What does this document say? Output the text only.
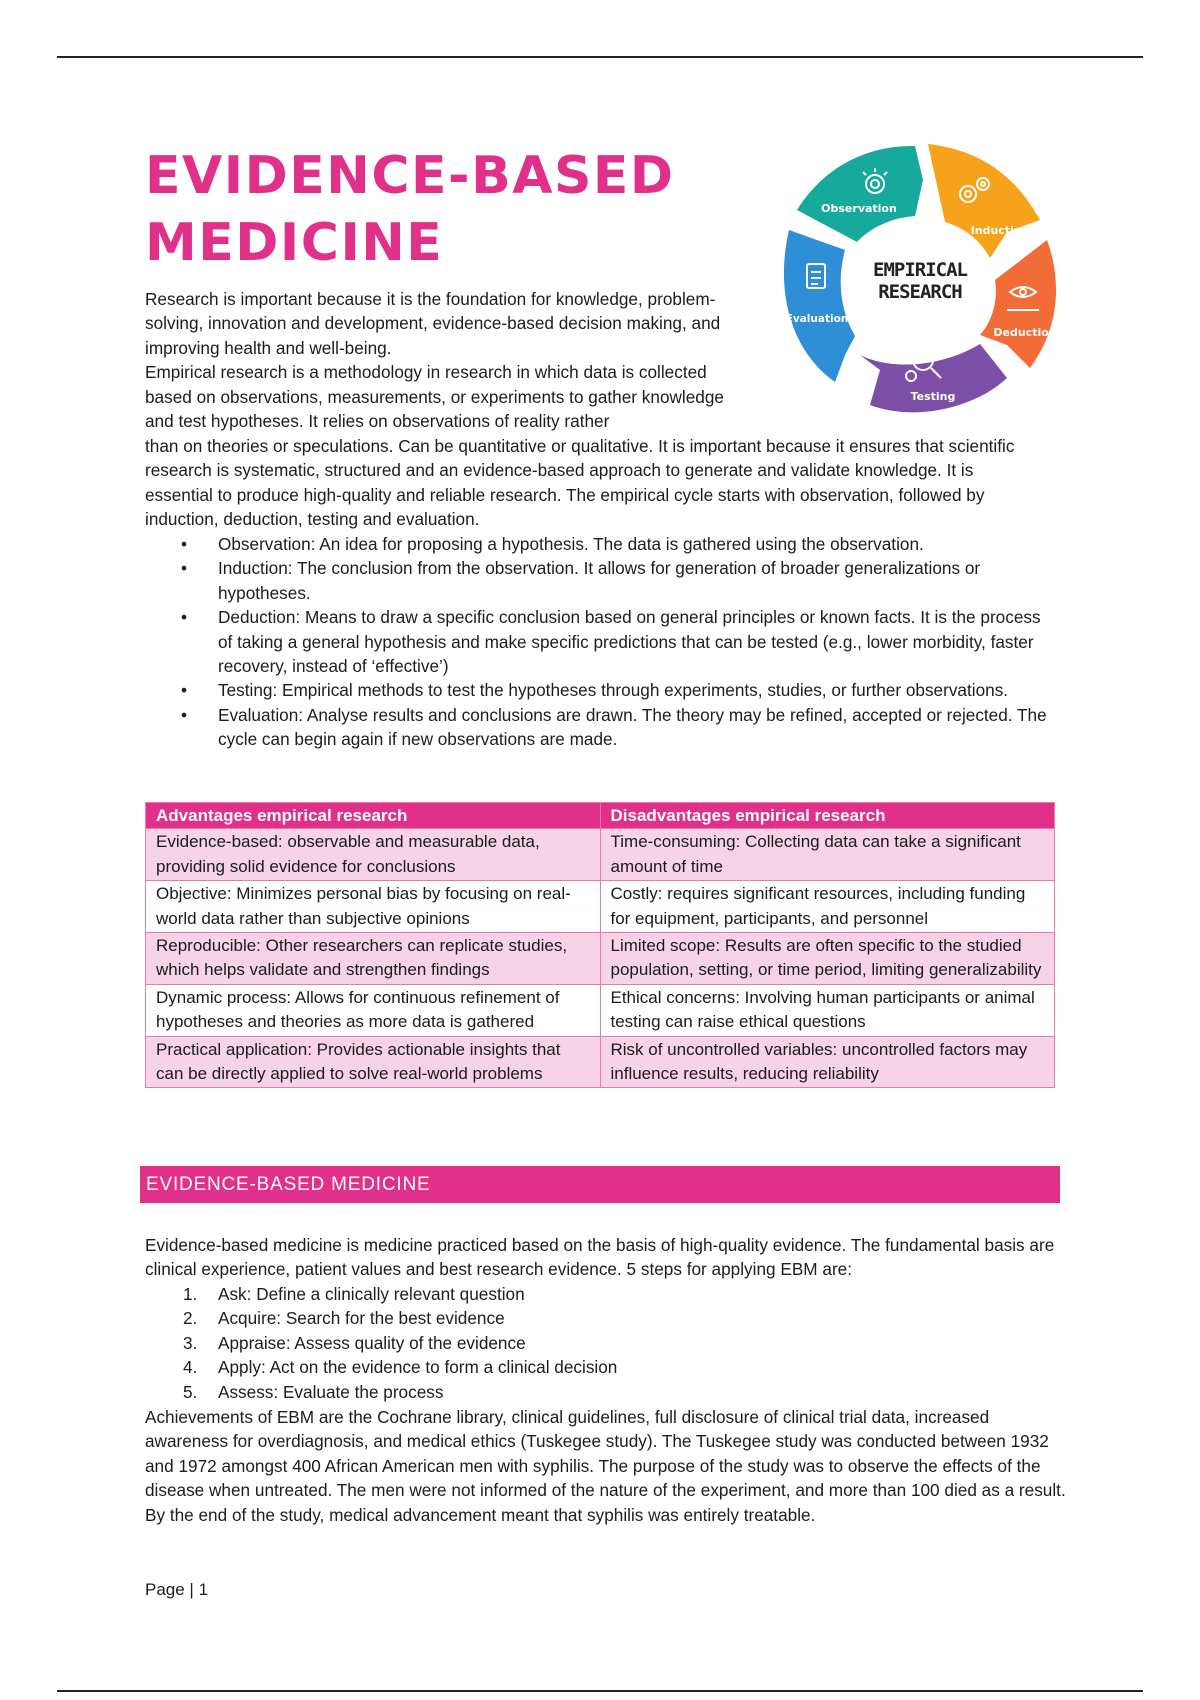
EVIDENCE-BASED
MEDICINE
Observation
Induction
Deduction
Testing
Evaluation
EMPIRICAL
RESEARCH

Research is important because it is the foundation for knowledge, problem-solving, innovation and development, evidence-based decision making, and improving health and well-being.

Empirical research is a methodology in research in which data is collected based on observations, measurements, or experiments to gather knowledge and test hypotheses. It relies on observations of reality rather

than on theories or speculations. Can be quantitative or qualitative. It is important because it ensures that scientific research is systematic, structured and an evidence-based approach to generate and validate knowledge. It is essential to produce high-quality and reliable research. The empirical cycle starts with observation, followed by induction, deduction, testing and evaluation.

• Observation: An idea for proposing a hypothesis. The data is gathered using the observation.
• Induction: The conclusion from the observation. It allows for generation of broader generalizations or hypotheses.
• Deduction: Means to draw a specific conclusion based on general principles or known facts. It is the process of taking a general hypothesis and make specific predictions that can be tested (e.g., lower morbidity, faster recovery, instead of ‘effective’)
• Testing: Empirical methods to test the hypotheses through experiments, studies, or further observations.
• Evaluation: Analyse results and conclusions are drawn. The theory may be refined, accepted or rejected. The cycle can begin again if new observations are made.
Advantages empirical research	Disadvantages empirical research
Evidence-based: observable and measurable data, providing solid evidence for conclusions	Time-consuming: Collecting data can take a significant amount of time
Objective: Minimizes personal bias by focusing on real-world data rather than subjective opinions	Costly: requires significant resources, including funding for equipment, participants, and personnel
Reproducible: Other researchers can replicate studies, which helps validate and strengthen findings	Limited scope: Results are often specific to the studied population, setting, or time period, limiting generalizability
Dynamic process: Allows for continuous refinement of hypotheses and theories as more data is gathered	Ethical concerns: Involving human participants or animal testing can raise ethical questions
Practical application: Provides actionable insights that can be directly applied to solve real-world problems	Risk of uncontrolled variables: uncontrolled factors may influence results, reducing reliability
EVIDENCE-BASED MEDICINE

Evidence-based medicine is medicine practiced based on the basis of high-quality evidence. The fundamental basis are clinical experience, patient values and best research evidence. 5 steps for applying EBM are:

1. Ask: Define a clinically relevant question
2. Acquire: Search for the best evidence
3. Appraise: Assess quality of the evidence
4. Apply: Act on the evidence to form a clinical decision
5. Assess: Evaluate the process

Achievements of EBM are the Cochrane library, clinical guidelines, full disclosure of clinical trial data, increased awareness for overdiagnosis, and medical ethics (Tuskegee study). The Tuskegee study was conducted between 1932 and 1972 amongst 400 African American men with syphilis. The purpose of the study was to observe the effects of the disease when untreated. The men were not informed of the nature of the experiment, and more than 100 died as a result. By the end of the study, medical advancement meant that syphilis was entirely treatable.

Page | 1
